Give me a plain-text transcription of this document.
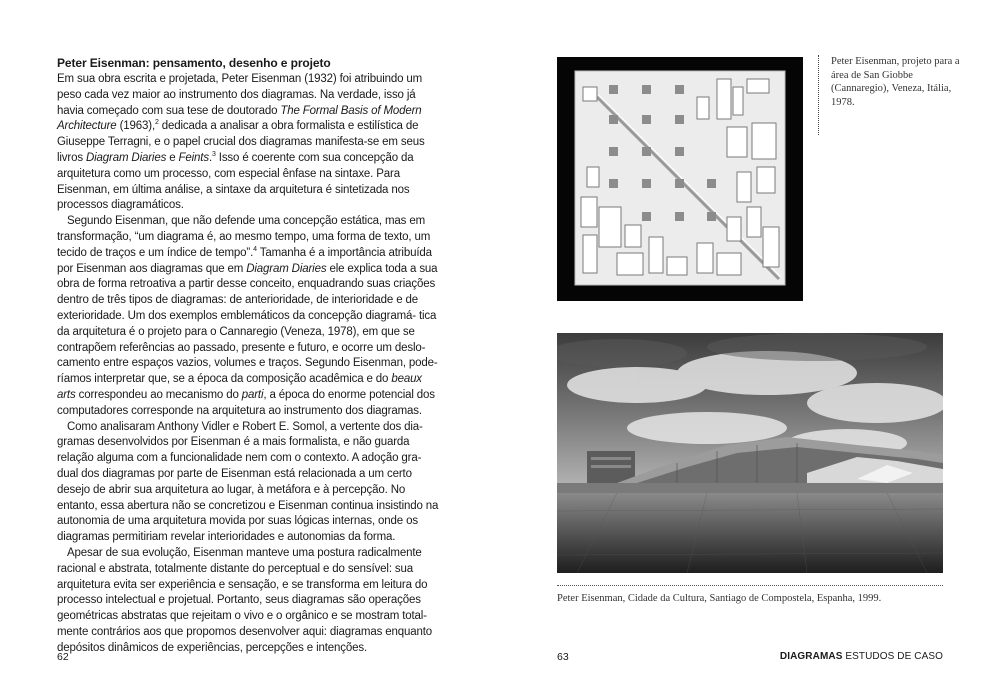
Peter Eisenman: pensamento, desenho e projeto

Em sua obra escrita e projetada, Peter Eisenman (1932) foi atribuindo um peso cada vez maior ao instrumento dos diagramas. Na verdade, isso já havia começado com sua tese de doutorado The Formal Basis of Modern Architecture (1963),$^2$ dedicada a analisar a obra formalista e estilística de Giuseppe Terragni, e o papel crucial dos diagramas manifesta-se em seus livros Diagram Diaries e Feints.$^3$ Isso é coerente com sua concepção da arquitetura como um processo, com especial ênfase na sintaxe. Para Eisenman, em última análise, a sintaxe da arquitetura é sintetizada nos processos diagramáticos.

Segundo Eisenman, que não defende uma concepção estática, mas em transformação, “um diagrama é, ao mesmo tempo, uma forma de texto, um tecido de traços e um índice de tempo”.$^4$ Tamanha é a importância atribuída por Eisenman aos diagramas que em Diagram Diaries ele explica toda a sua obra de forma retroativa a partir desse conceito, enquadrando suas criações dentro de três tipos de diagramas: de anterioridade, de interioridade e de exterioridade. Um dos exemplos emblemáticos da concepção diagramá- tica da arquitetura é o projeto para o Cannaregio (Veneza, 1978), em que se contrapõem referências ao passado, presente e futuro, e ocorre um deslo- camento entre espaços vazios, volumes e traços. Segundo Eisenman, pode- ríamos interpretar que, se a época da composição acadêmica e do beaux arts correspondeu ao mecanismo do parti, a época do enorme potencial dos computadores corresponde na arquitetura ao instrumento dos diagramas.

Como analisaram Anthony Vidler e Robert E. Somol, a vertente dos dia- gramas desenvolvidos por Eisenman é a mais formalista, e não guarda relação alguma com a funcionalidade nem com o contexto. A adoção gra- dual dos diagramas por parte de Eisenman está relacionada a um certo desejo de abrir sua arquitetura ao lugar, à metáfora e à percepção. No entanto, essa abertura não se concretizou e Eisenman continua insistindo na autonomia de uma arquitetura movida por suas lógicas internas, onde os diagramas permitiriam revelar interioridades e autonomias da forma.

Apesar de sua evolução, Eisenman manteve uma postura radicalmente racional e abstrata, totalmente distante do perceptual e do sensível: sua arquitetura evita ser experiência e sensação, e se transforma em leitura do processo intelectual e projetual. Portanto, seus diagramas são operações geométricas abstratas que rejeitam o vivo e o orgânico e se mostram total- mente contrários aos que propomos desenvolver aqui: diagramas enquanto depósitos dinâmicos de experiências, percepções e intenções.

62
Peter Eisenman, projeto para a área de San Giobbe (Cannaregio), Veneza, Itália, 1978.
Peter Eisenman, Cidade da Cultura, Santiago de Compostela, Espanha, 1999.
63	DIAGRAMAS ESTUDOS DE CASO
